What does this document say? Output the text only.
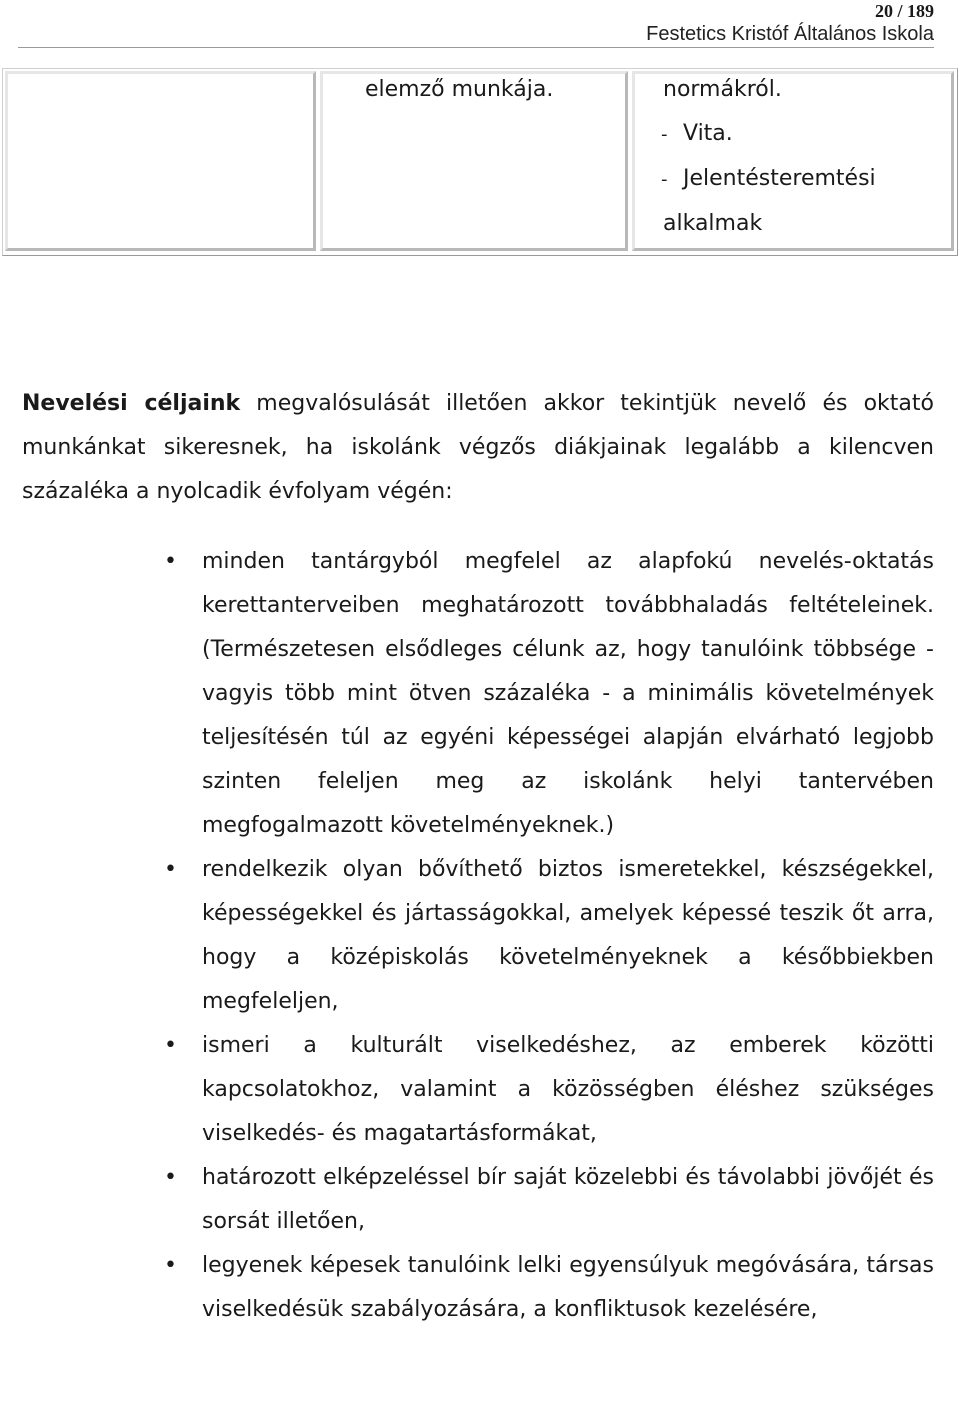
20 / 189
Festetics Kristóf Általános Iskola
elemző munkája.	normákról.
- Vita.
- Jelentésteremtési
alkalmak

Nevelési céljaink megvalósulását illetően akkor tekintjük nevelő és oktató munkánkat sikeresnek, ha iskolánk végzős diákjainak legalább a kilencven százaléka a nyolcadik évfolyam végén:

• minden tantárgyból megfelel az alapfokú nevelés-oktatás kerettanterveiben meghatározott továbbhaladás feltételeinek. (Természetesen elsődleges célunk az, hogy tanulóink többsége - vagyis több mint ötven százaléka - a minimális követelmények teljesítésén túl az egyéni képességei alapján elvárható legjobb szinten feleljen meg az iskolánk helyi tantervében megfogalmazott követelményeknek.)
• rendelkezik olyan bővíthető biztos ismeretekkel, készségekkel, képességekkel és jártasságokkal, amelyek képessé teszik őt arra, hogy a középiskolás követelményeknek a későbbiekben megfeleljen,
• ismeri a kulturált viselkedéshez, az emberek közötti kapcsolatokhoz, valamint a közösségben éléshez szükséges viselkedés- és magatartásformákat,
• határozott elképzeléssel bír saját közelebbi és távolabbi jövőjét és sorsát illetően,
• legyenek képesek tanulóink lelki egyensúlyuk megóvására, társas viselkedésük szabályozására, a konfliktusok kezelésére,
